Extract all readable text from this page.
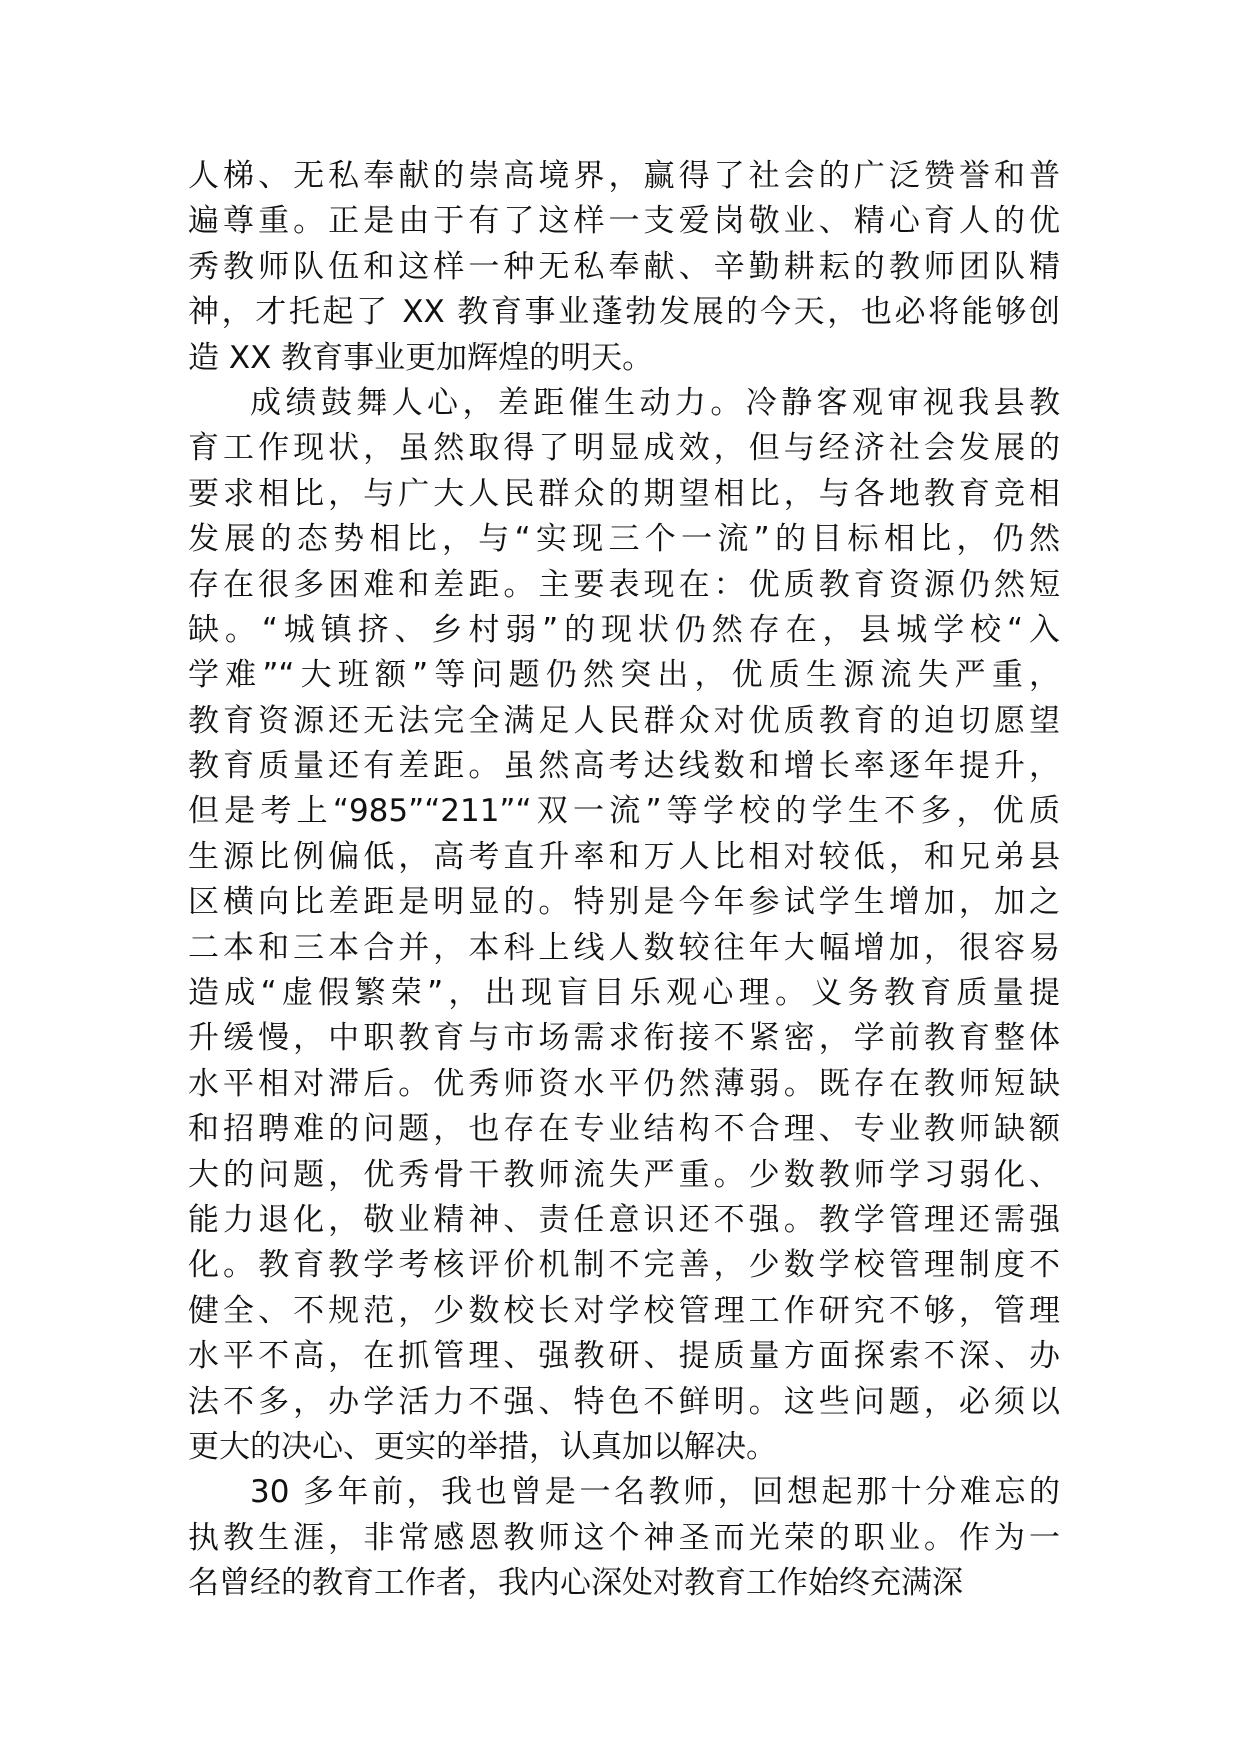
人梯、无私奉献的崇高境界，赢得了社会的广泛赞誉和普
遍尊重。正是由于有了这样一支爱岗敬业、精心育人的优
秀教师队伍和这样一种无私奉献、辛勤耕耘的教师团队精
神，才托起了 XX 教育事业蓬勃发展的今天，也必将能够创
造 XX 教育事业更加辉煌的明天。
成绩鼓舞人心，差距催生动力。冷静客观审视我县教
育工作现状，虽然取得了明显成效，但与经济社会发展的
要求相比，与广大人民群众的期望相比，与各地教育竞相
发展的态势相比，与“实现三个一流”的目标相比，仍然
存在很多困难和差距。主要表现在：优质教育资源仍然短
缺。“城镇挤、乡村弱”的现状仍然存在，县城学校“入
学难”“大班额”等问题仍然突出，优质生源流失严重，
教育资源还无法完全满足人民群众对优质教育的迫切愿望
教育质量还有差距。虽然高考达线数和增长率逐年提升，
但是考上“985”“211”“双一流”等学校的学生不多，优质
生源比例偏低，高考直升率和万人比相对较低，和兄弟县
区横向比差距是明显的。特别是今年参试学生增加，加之
二本和三本合并，本科上线人数较往年大幅增加，很容易
造成“虚假繁荣”，出现盲目乐观心理。义务教育质量提
升缓慢，中职教育与市场需求衔接不紧密，学前教育整体
水平相对滞后。优秀师资水平仍然薄弱。既存在教师短缺
和招聘难的问题，也存在专业结构不合理、专业教师缺额
大的问题，优秀骨干教师流失严重。少数教师学习弱化、
能力退化，敬业精神、责任意识还不强。教学管理还需强
化。教育教学考核评价机制不完善，少数学校管理制度不
健全、不规范，少数校长对学校管理工作研究不够，管理
水平不高，在抓管理、强教研、提质量方面探索不深、办
法不多，办学活力不强、特色不鲜明。这些问题，必须以
更大的决心、更实的举措，认真加以解决。
30 多年前，我也曾是一名教师，回想起那十分难忘的
执教生涯，非常感恩教师这个神圣而光荣的职业。作为一
名曾经的教育工作者，我内心深处对教育工作始终充满深
